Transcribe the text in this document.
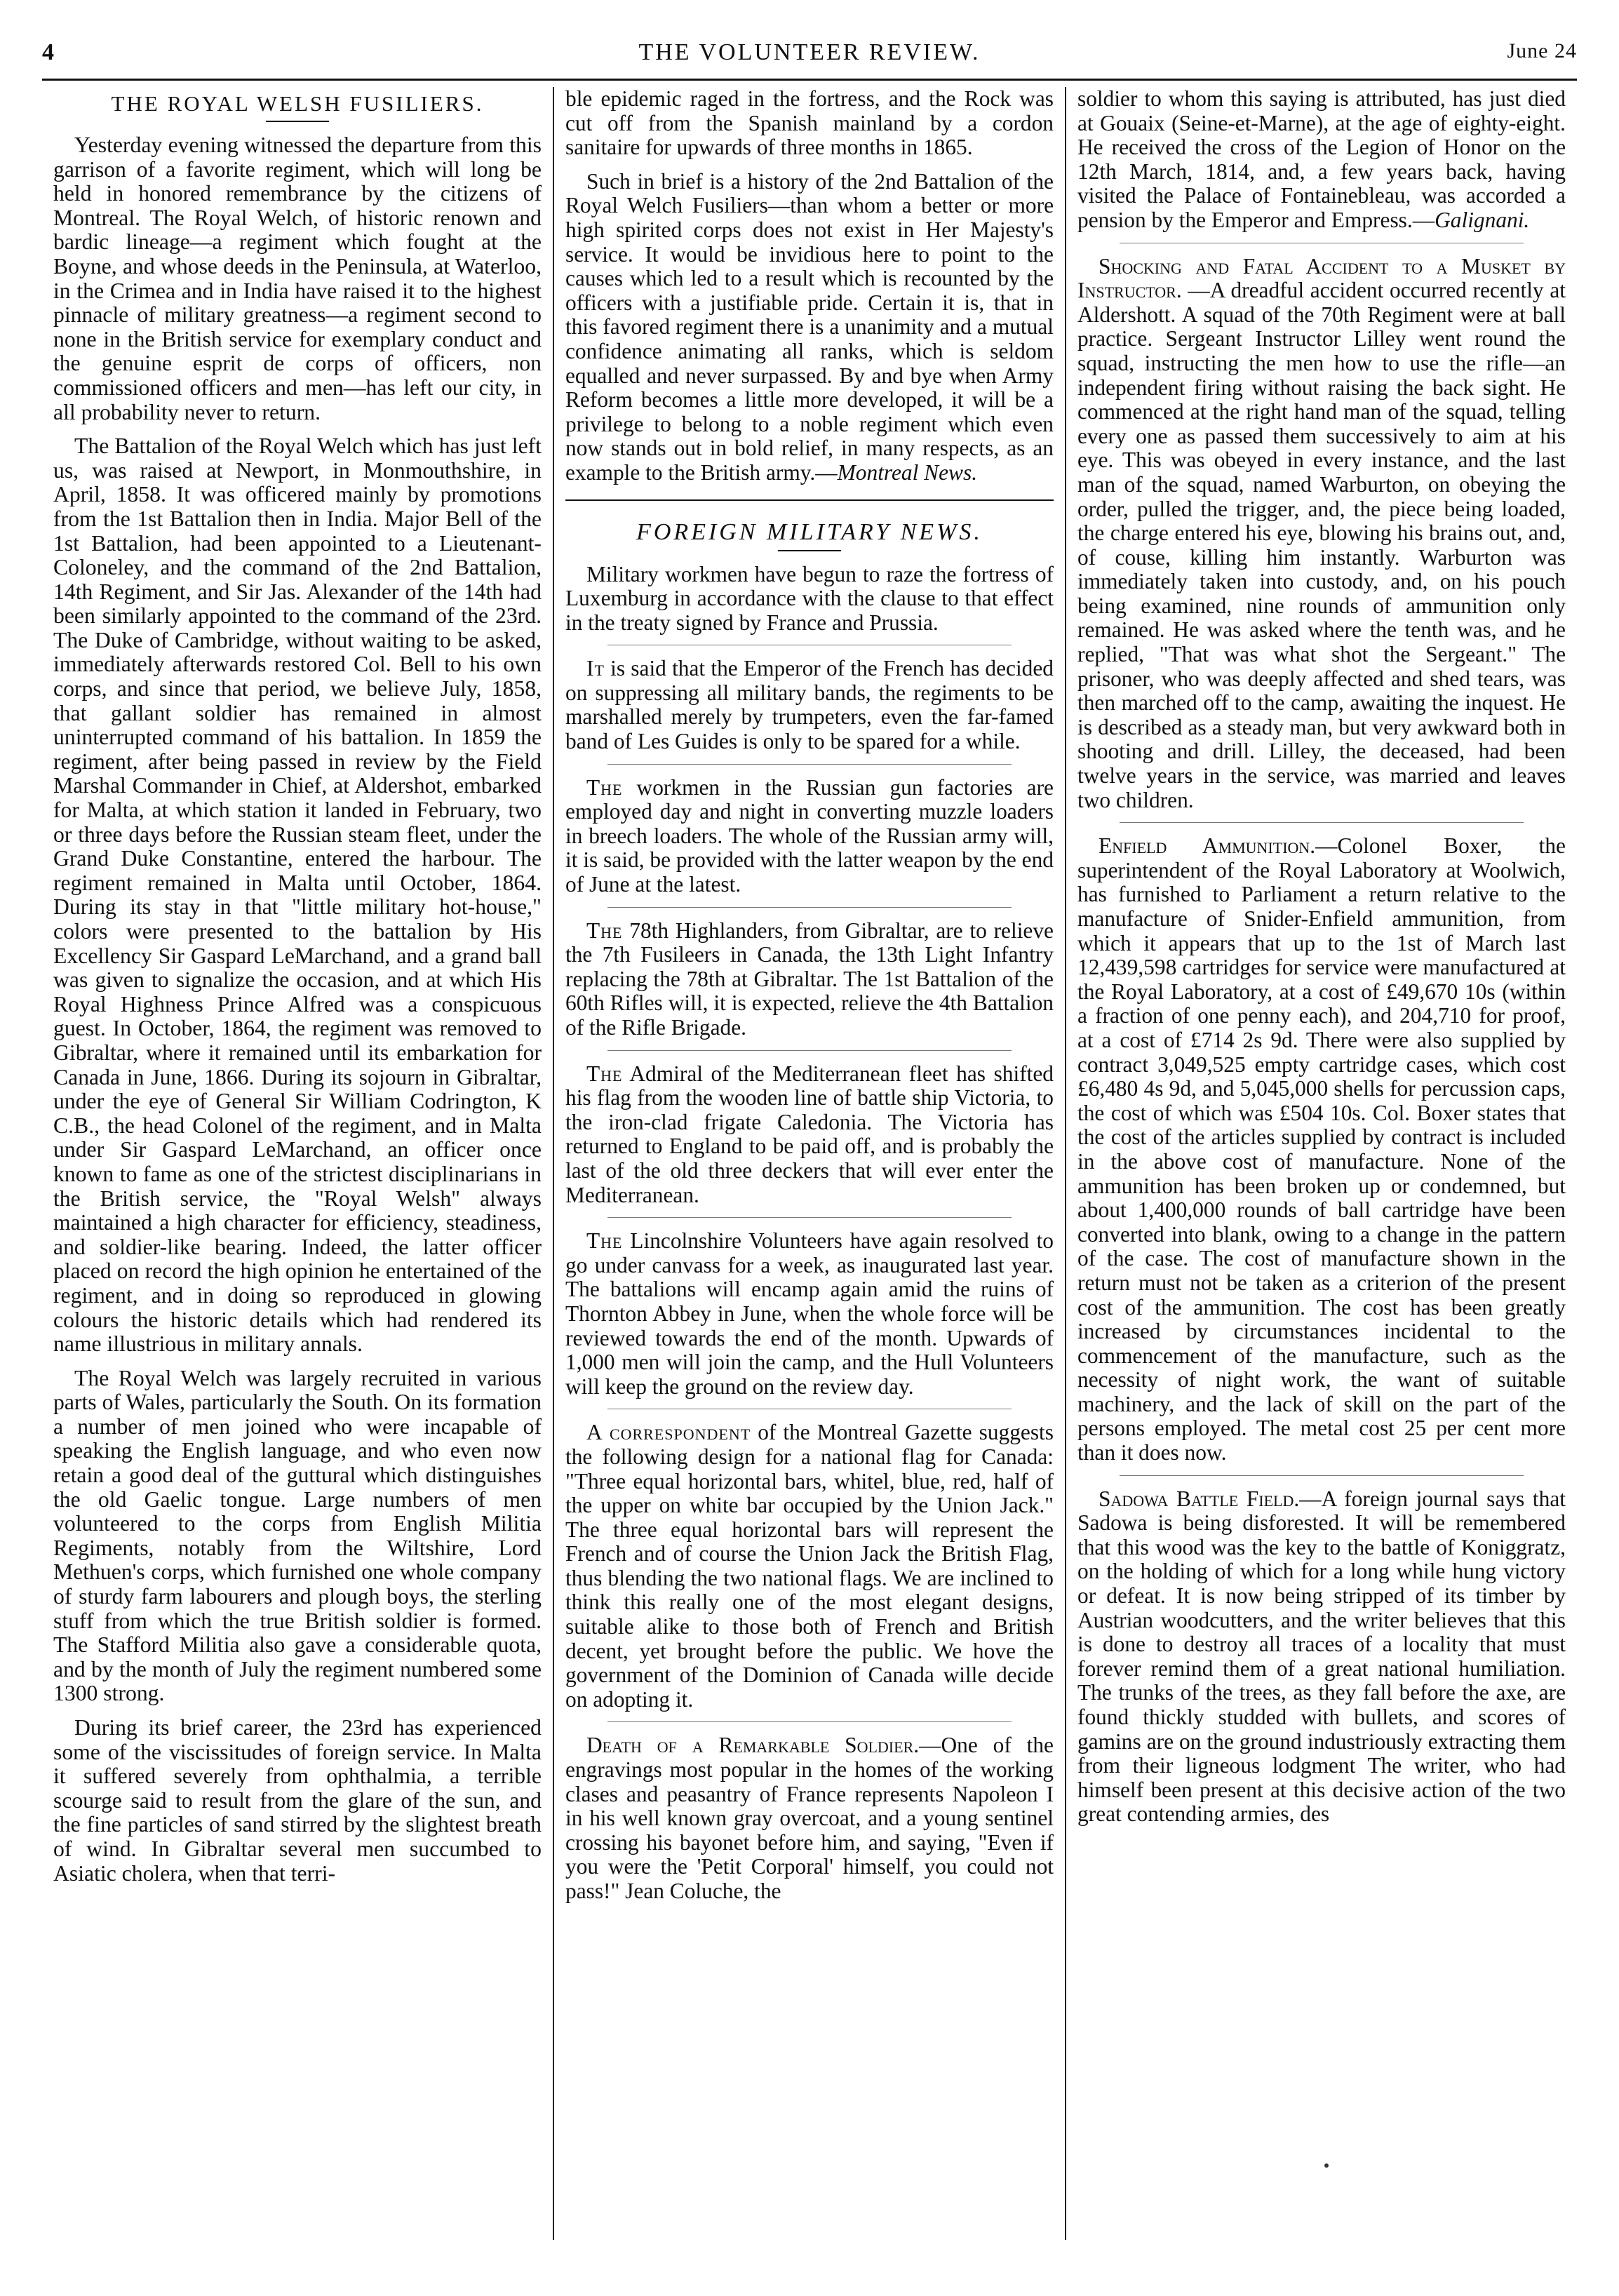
4	THE VOLUNTEER REVIEW.	June 24
THE ROYAL WELSH FUSILIERS.

Yesterday evening witnessed the departure from this garrison of a favorite regiment, which will long be held in honored remembrance by the citizens of Montreal. The Royal Welch, of historic renown and bardic lineage—a regiment which fought at the Boyne, and whose deeds in the Peninsula, at Waterloo, in the Crimea and in India have raised it to the highest pinnacle of military greatness—a regiment second to none in the British service for exemplary conduct and the genuine esprit de corps of officers, non commissioned officers and men—has left our city, in all probability never to return.

The Battalion of the Royal Welch which has just left us, was raised at Newport, in Monmouthshire, in April, 1858. It was officered mainly by promotions from the 1st Battalion then in India. Major Bell of the 1st Battalion, had been appointed to a Lieutenant-Coloneley, and the command of the 2nd Battalion, 14th Regiment, and Sir Jas. Alexander of the 14th had been similarly appointed to the command of the 23rd. The Duke of Cambridge, without waiting to be asked, immediately afterwards restored Col. Bell to his own corps, and since that period, we believe July, 1858, that gallant soldier has remained in almost uninterrupted command of his battalion. In 1859 the regiment, after being passed in review by the Field Marshal Commander in Chief, at Aldershot, embarked for Malta, at which station it landed in February, two or three days before the Russian steam fleet, under the Grand Duke Constantine, entered the harbour. The regiment remained in Malta until October, 1864. During its stay in that "little military hot-house," colors were presented to the battalion by His Excellency Sir Gaspard LeMarchand, and a grand ball was given to signalize the occasion, and at which His Royal Highness Prince Alfred was a conspicuous guest. In October, 1864, the regiment was removed to Gibraltar, where it remained until its embarkation for Canada in June, 1866. During its sojourn in Gibraltar, under the eye of General Sir William Codrington, K C.B., the head Colonel of the regiment, and in Malta under Sir Gaspard LeMarchand, an officer once known to fame as one of the strictest disciplinarians in the British service, the "Royal Welsh" always maintained a high character for efficiency, steadiness, and soldier-like bearing. Indeed, the latter officer placed on record the high opinion he entertained of the regiment, and in doing so reproduced in glowing colours the historic details which had rendered its name illustrious in military annals.

The Royal Welch was largely recruited in various parts of Wales, particularly the South. On its formation a number of men joined who were incapable of speaking the English language, and who even now retain a good deal of the guttural which distinguishes the old Gaelic tongue. Large numbers of men volunteered to the corps from English Militia Regiments, notably from the Wiltshire, Lord Methuen's corps, which furnished one whole company of sturdy farm labourers and plough boys, the sterling stuff from which the true British soldier is formed. The Stafford Militia also gave a considerable quota, and by the month of July the regiment numbered some 1300 strong.

During its brief career, the 23rd has experienced some of the viscissitudes of foreign service. In Malta it suffered severely from ophthalmia, a terrible scourge said to result from the glare of the sun, and the fine particles of sand stirred by the slightest breath of wind. In Gibraltar several men succumbed to Asiatic cholera, when that terri-

ble epidemic raged in the fortress, and the Rock was cut off from the Spanish mainland by a cordon sanitaire for upwards of three months in 1865.

Such in brief is a history of the 2nd Battalion of the Royal Welch Fusiliers—than whom a better or more high spirited corps does not exist in Her Majesty's service. It would be invidious here to point to the causes which led to a result which is recounted by the officers with a justifiable pride. Certain it is, that in this favored regiment there is a unanimity and a mutual confidence animating all ranks, which is seldom equalled and never surpassed. By and bye when Army Reform becomes a little more developed, it will be a privilege to belong to a noble regiment which even now stands out in bold relief, in many respects, as an example to the British army.—Montreal News.

FOREIGN MILITARY NEWS.

Military workmen have begun to raze the fortress of Luxemburg in accordance with the clause to that effect in the treaty signed by France and Prussia.

It is said that the Emperor of the French has decided on suppressing all military bands, the regiments to be marshalled merely by trumpeters, even the far-famed band of Les Guides is only to be spared for a while.

The workmen in the Russian gun factories are employed day and night in converting muzzle loaders in breech loaders. The whole of the Russian army will, it is said, be provided with the latter weapon by the end of June at the latest.

The 78th Highlanders, from Gibraltar, are to relieve the 7th Fusileers in Canada, the 13th Light Infantry replacing the 78th at Gibraltar. The 1st Battalion of the 60th Rifles will, it is expected, relieve the 4th Battalion of the Rifle Brigade.

The Admiral of the Mediterranean fleet has shifted his flag from the wooden line of battle ship Victoria, to the iron-clad frigate Caledonia. The Victoria has returned to England to be paid off, and is probably the last of the old three deckers that will ever enter the Mediterranean.

The Lincolnshire Volunteers have again resolved to go under canvass for a week, as inaugurated last year. The battalions will encamp again amid the ruins of Thornton Abbey in June, when the whole force will be reviewed towards the end of the month. Upwards of 1,000 men will join the camp, and the Hull Volunteers will keep the ground on the review day.

A correspondent of the Montreal Gazette suggests the following design for a national flag for Canada: "Three equal horizontal bars, whitel, blue, red, half of the upper on white bar occupied by the Union Jack." The three equal horizontal bars will represent the French and of course the Union Jack the British Flag, thus blending the two national flags. We are inclined to think this really one of the most elegant designs, suitable alike to those both of French and British decent, yet brought before the public. We hove the government of the Dominion of Canada wille decide on adopting it.

Death of a Remarkable Soldier.—One of the engravings most popular in the homes of the working clases and peasantry of France represents Napoleon I in his well known gray overcoat, and a young sentinel crossing his bayonet before him, and saying, "Even if you were the 'Petit Corporal' himself, you could not pass!" Jean Coluche, the

soldier to whom this saying is attributed, has just died at Gouaix (Seine-et-Marne), at the age of eighty-eight. He received the cross of the Legion of Honor on the 12th March, 1814, and, a few years back, having visited the Palace of Fontainebleau, was accorded a pension by the Emperor and Empress.—Galignani.

Shocking and Fatal Accident to a Musket by Instructor. —A dreadful accident occurred recently at Aldershott. A squad of the 70th Regiment were at ball practice. Sergeant Instructor Lilley went round the squad, instructing the men how to use the rifle—an independent firing without raising the back sight. He commenced at the right hand man of the squad, telling every one as passed them successively to aim at his eye. This was obeyed in every instance, and the last man of the squad, named Warburton, on obeying the order, pulled the trigger, and, the piece being loaded, the charge entered his eye, blowing his brains out, and, of couse, killing him instantly. Warburton was immediately taken into custody, and, on his pouch being examined, nine rounds of ammunition only remained. He was asked where the tenth was, and he replied, "That was what shot the Sergeant." The prisoner, who was deeply affected and shed tears, was then marched off to the camp, awaiting the inquest. He is described as a steady man, but very awkward both in shooting and drill. Lilley, the deceased, had been twelve years in the service, was married and leaves two children.

Enfield Ammunition.—Colonel Boxer, the superintendent of the Royal Laboratory at Woolwich, has furnished to Parliament a return relative to the manufacture of Snider-Enfield ammunition, from which it appears that up to the 1st of March last 12,439,598 cartridges for service were manufactured at the Royal Laboratory, at a cost of £49,670 10s (within a fraction of one penny each), and 204,710 for proof, at a cost of £714 2s 9d. There were also supplied by contract 3,049,525 empty cartridge cases, which cost £6,480 4s 9d, and 5,045,000 shells for percussion caps, the cost of which was £504 10s. Col. Boxer states that the cost of the articles supplied by contract is included in the above cost of manufacture. None of the ammunition has been broken up or condemned, but about 1,400,000 rounds of ball cartridge have been converted into blank, owing to a change in the pattern of the case. The cost of manufacture shown in the return must not be taken as a criterion of the present cost of the ammunition. The cost has been greatly increased by circumstances incidental to the commencement of the manufacture, such as the necessity of night work, the want of suitable machinery, and the lack of skill on the part of the persons employed. The metal cost 25 per cent more than it does now.

Sadowa Battle Field.—A foreign journal says that Sadowa is being disforested. It will be remembered that this wood was the key to the battle of Koniggratz, on the holding of which for a long while hung victory or defeat. It is now being stripped of its timber by Austrian woodcutters, and the writer believes that this is done to destroy all traces of a locality that must forever remind them of a great national humiliation. The trunks of the trees, as they fall before the axe, are found thickly studded with bullets, and scores of gamins are on the ground industriously extracting them from their ligneous lodgment The writer, who had himself been present at this decisive action of the two great contending armies, des
